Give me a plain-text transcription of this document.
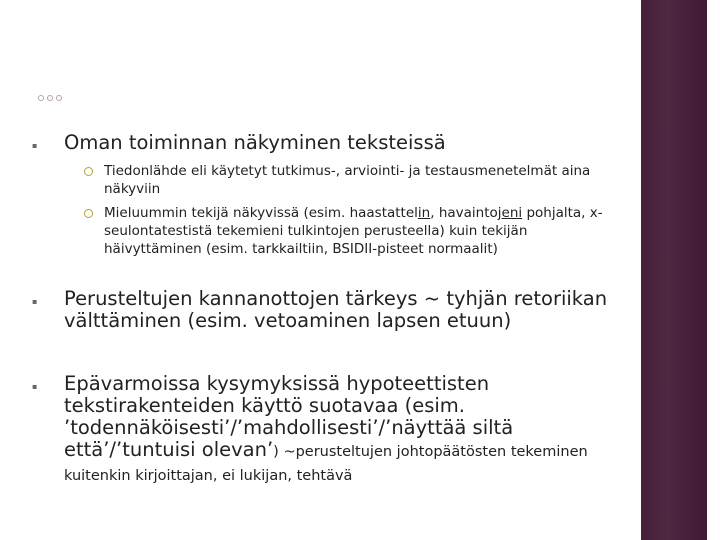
▪ Oman toiminnan näkyminen teksteissä
Tiedonlähde eli käytetyt tutkimus-, arviointi- ja testausmenetelmät aina näkyviin
Mieluummin tekijä näkyvissä (esim. haastattelin, havaintojeni pohjalta, x-seulontatestistä tekemieni tulkintojen perusteella) kuin tekijän häivyttäminen (esim. tarkkailtiin, BSIDII-pisteet normaalit)
▪ Perusteltujen kannanottojen tärkeys ~ tyhjän retoriikan välttäminen (esim. vetoaminen lapsen etuun)
▪ Epävarmoissa kysymyksissä hypoteettisten tekstirakenteiden käyttö suotavaa (esim. ’todennäköisesti’/’mahdollisesti’/’näyttää siltä että’/’tuntuisi olevan’) ~perusteltujen johtopäätösten tekeminen kuitenkin kirjoittajan, ei lukijan, tehtävä
